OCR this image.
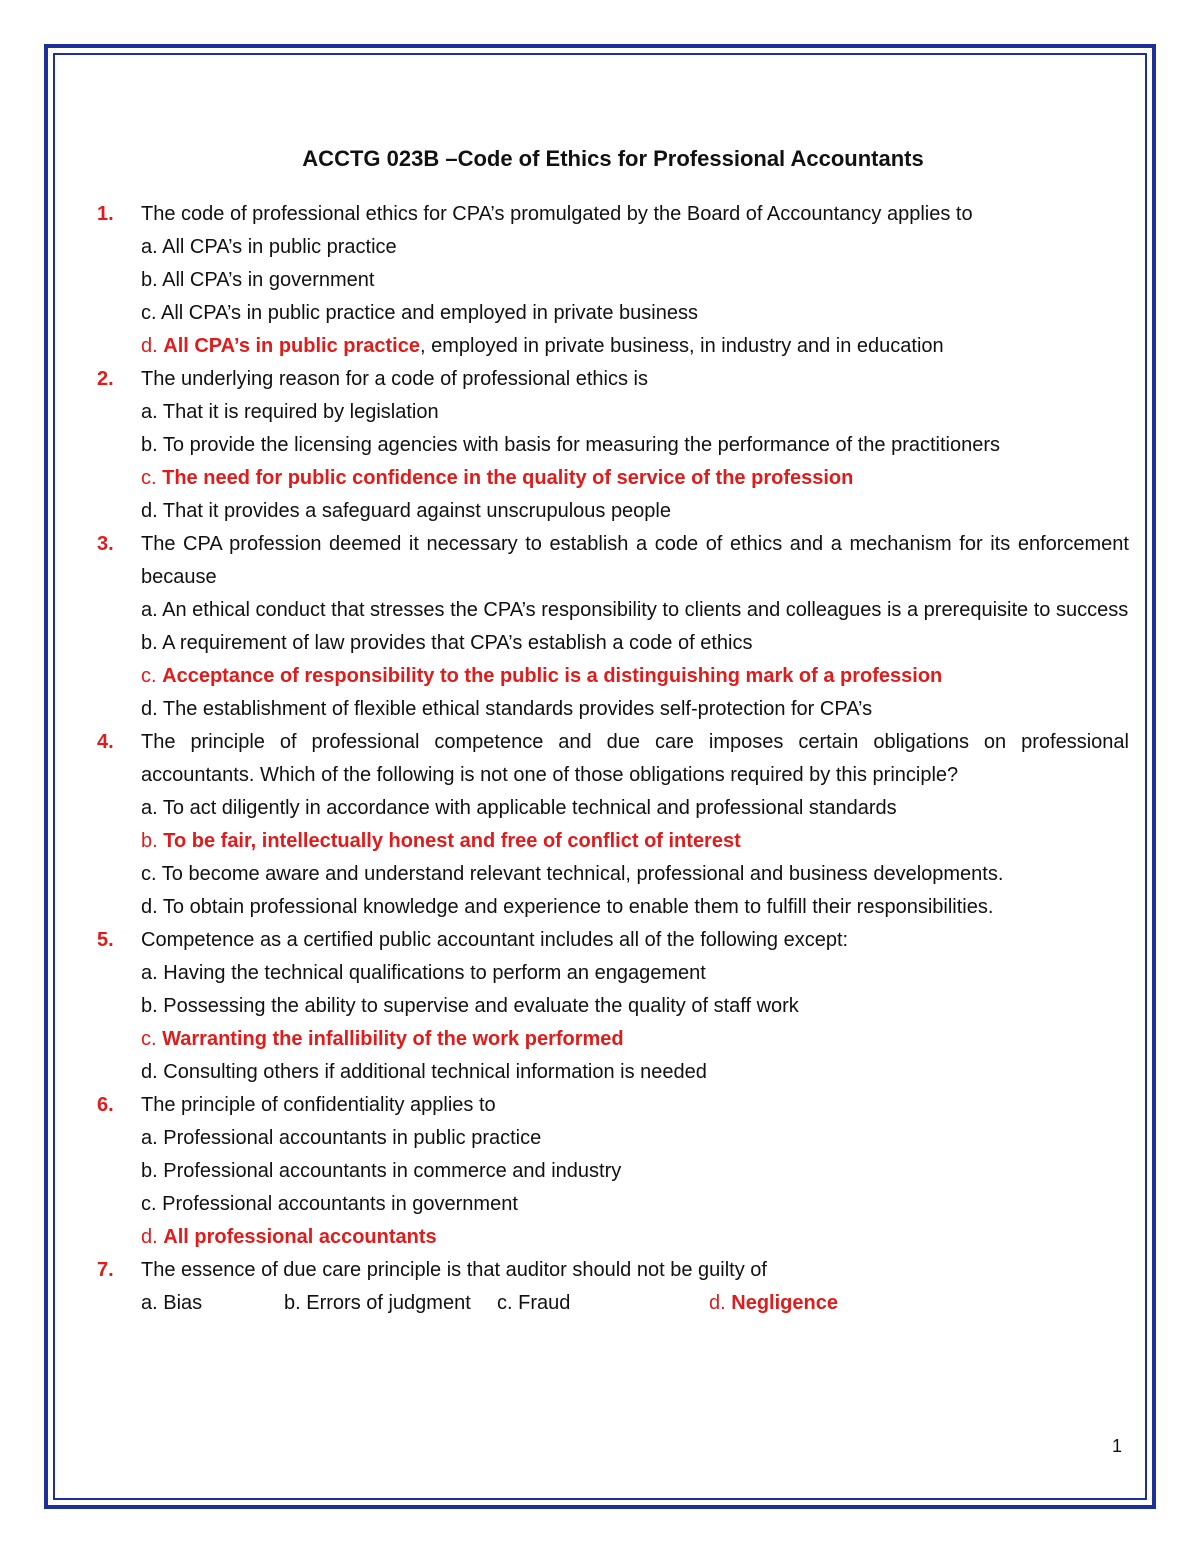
ACCTG 023B –Code of Ethics for Professional Accountants
1.	The code of professional ethics for CPA’s promulgated by the Board of Accountancy applies to
a. All CPA’s in public practice
b. All CPA’s in government
c. All CPA’s in public practice and employed in private business
d. All CPA’s in public practice, employed in private business, in industry and in education
2.	The underlying reason for a code of professional ethics is
a. That it is required by legislation
b. To provide the licensing agencies with basis for measuring the performance of the practitioners
c. The need for public confidence in the quality of service of the profession
d. That it provides a safeguard against unscrupulous people
3.	The CPA profession deemed it necessary to establish a code of ethics and a mechanism for its enforcement because
a. An ethical conduct that stresses the CPA’s responsibility to clients and colleagues is a prerequisite to success
b. A requirement of law provides that CPA’s establish a code of ethics
c. Acceptance of responsibility to the public is a distinguishing mark of a profession
d. The establishment of flexible ethical standards provides self-protection for CPA’s
4.	The principle of professional competence and due care imposes certain obligations on professional accountants. Which of the following is not one of those obligations required by this principle?
a. To act diligently in accordance with applicable technical and professional standards
b. To be fair, intellectually honest and free of conflict of interest
c. To become aware and understand relevant technical, professional and business developments.
d. To obtain professional knowledge and experience to enable them to fulfill their responsibilities.
5.	Competence as a certified public accountant includes all of the following except:
a. Having the technical qualifications to perform an engagement
b. Possessing the ability to supervise and evaluate the quality of staff work
c. Warranting the infallibility of the work performed
d. Consulting others if additional technical information is needed
6.	The principle of confidentiality applies to
a. Professional accountants in public practice
b. Professional accountants in commerce and industry
c. Professional accountants in government
d. All professional accountants
7.	The essence of due care principle is that auditor should not be guilty of
a. Bias	b. Errors of judgment	c. Fraud	d. Negligence
1
